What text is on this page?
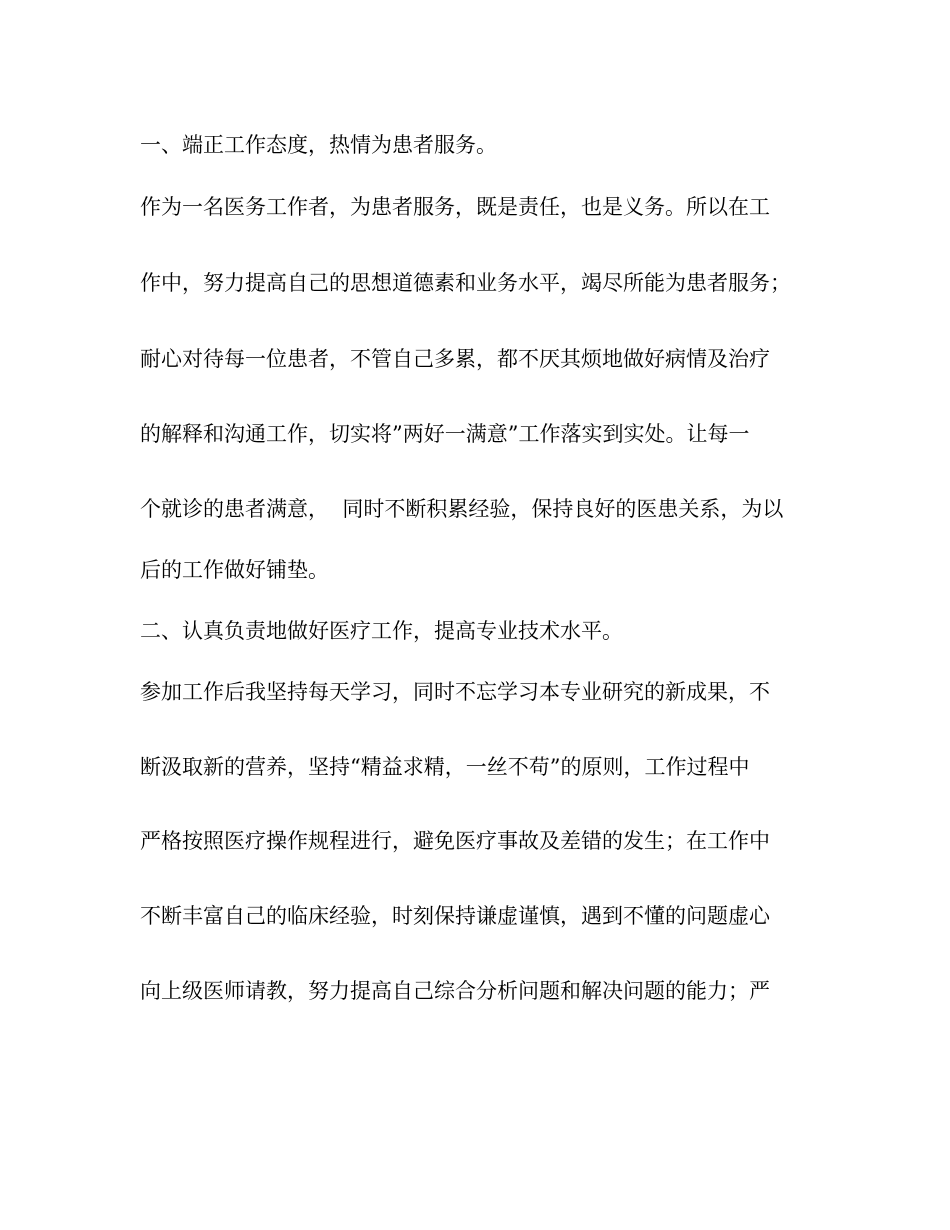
一、端正工作态度，热情为患者服务。
作为一名医务工作者，为患者服务，既是责任，也是义务。所以在工
作中，努力提高自己的思想道德素和业务水平，竭尽所能为患者服务；
耐心对待每一位患者，不管自己多累，都不厌其烦地做好病情及治疗
的解释和沟通工作，切实将”两好一满意”工作落实到实处。让每一
个就诊的患者满意，  同时不断积累经验，保持良好的医患关系，为以
后的工作做好铺垫。
二、认真负责地做好医疗工作，提高专业技术水平。
参加工作后我坚持每天学习，同时不忘学习本专业研究的新成果，不
断汲取新的营养，坚持“精益求精，一丝不苟”的原则，工作过程中
严格按照医疗操作规程进行，避免医疗事故及差错的发生；在工作中
不断丰富自己的临床经验，时刻保持谦虚谨慎，遇到不懂的问题虚心
向上级医师请教，努力提高自己综合分析问题和解决问题的能力；严
